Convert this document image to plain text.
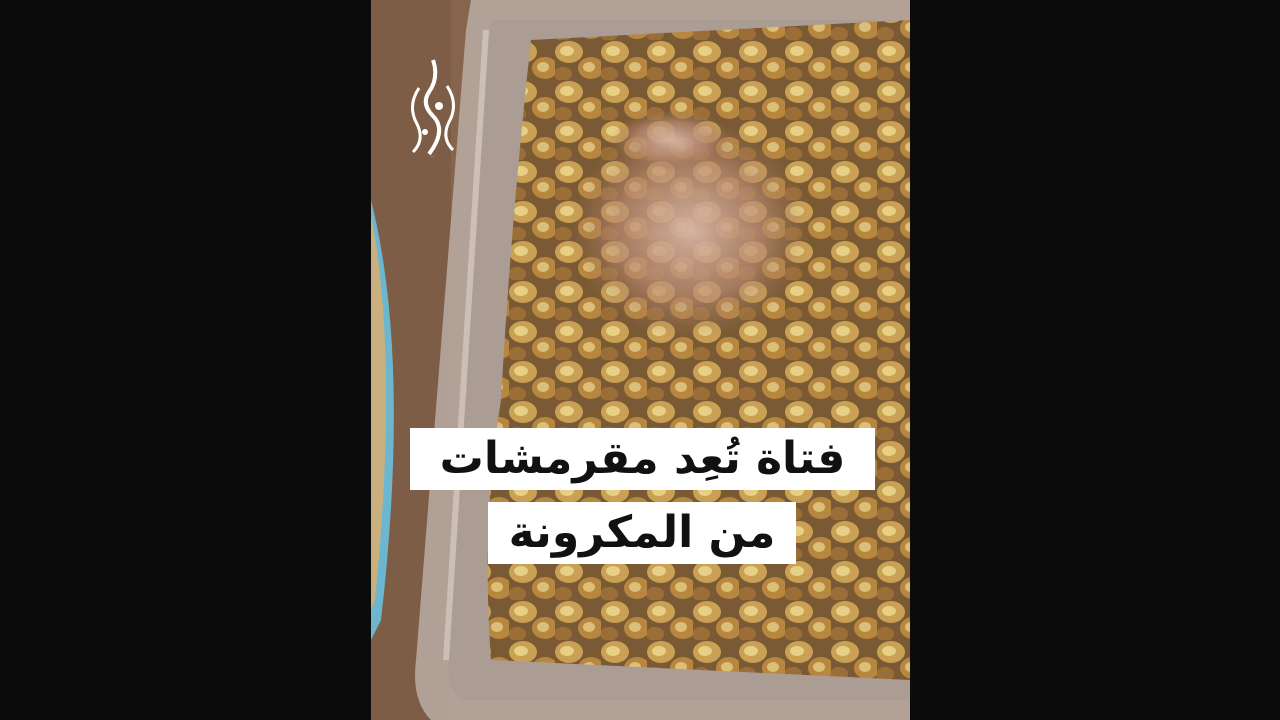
الجزيرة
فتاة تُعِد مقرمشات
من المكرونة
